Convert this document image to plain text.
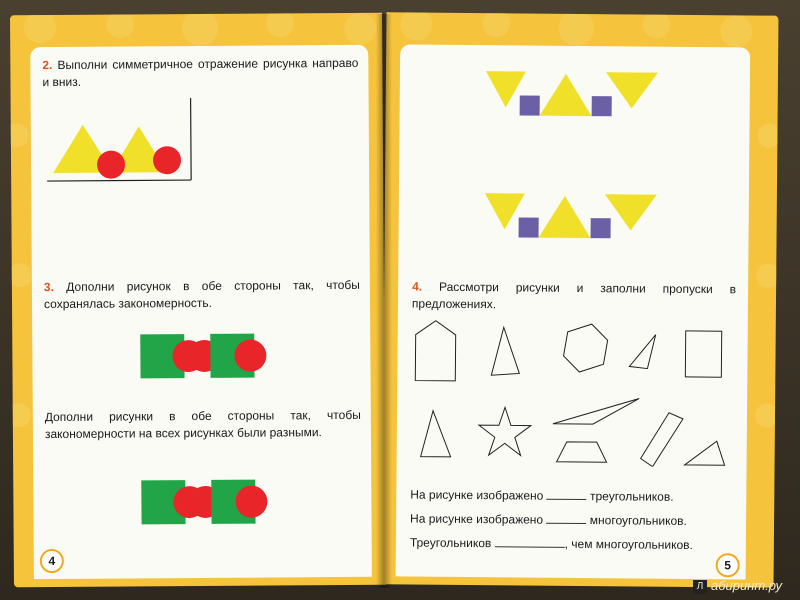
2. Выполни симметричное отражение рисунка направо и вниз.
3. Дополни рисунок в обе стороны так, чтобы сохранялась закономерность.
Дополни рисунки в обе стороны так, чтобы закономерности на всех рисунках были разными.
4
4. Рассмотри рисунки и заполни пропуски в предложениях.
На рисунке изображено	треугольников.
На рисунке изображено	многоугольников.
Треугольников	, чем многоугольников.
5
Л абиринт.ру
